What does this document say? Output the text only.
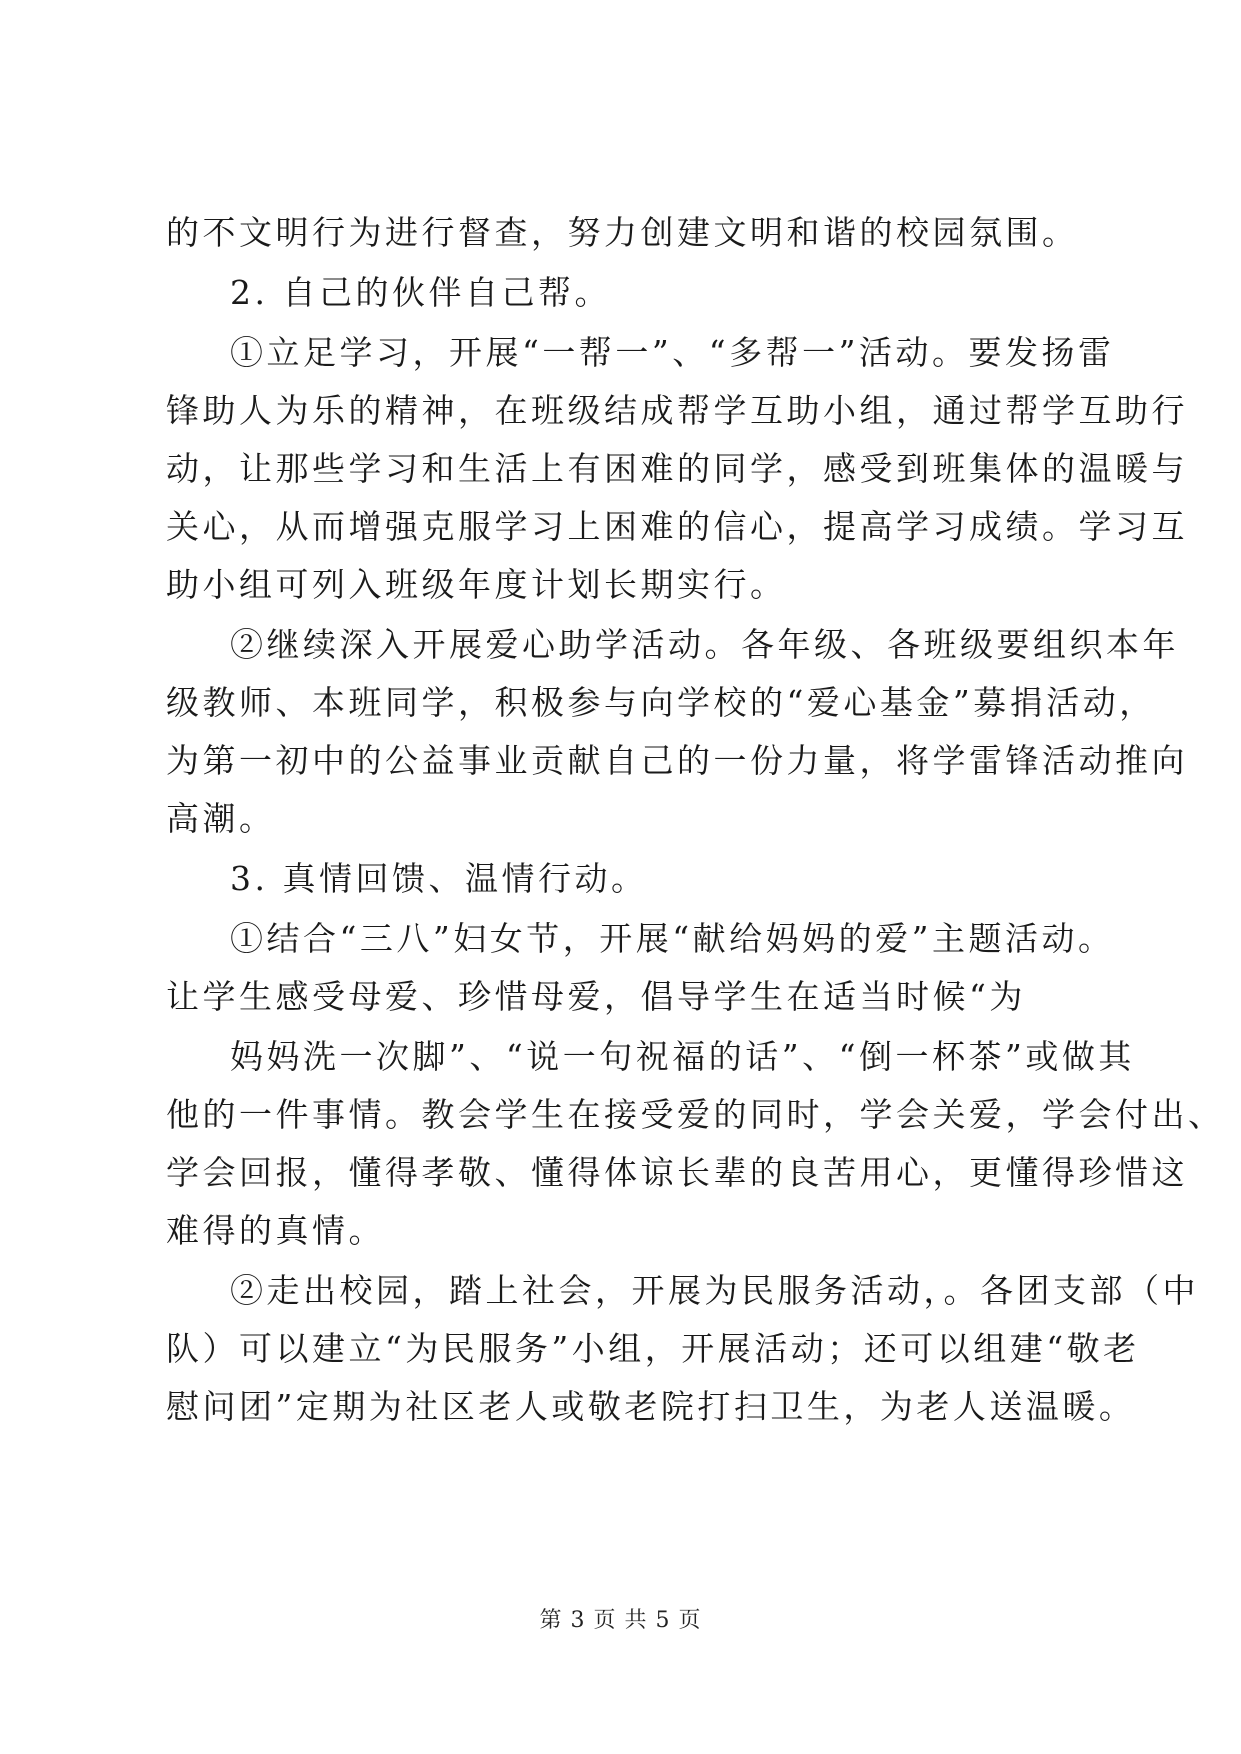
的不文明行为进行督查，努力创建文明和谐的校园氛围。
2. 自己的伙伴自己帮。
①立足学习，开展“一帮一”、“多帮一”活动。要发扬雷
锋助人为乐的精神，在班级结成帮学互助小组，通过帮学互助行
动，让那些学习和生活上有困难的同学，感受到班集体的温暖与
关心，从而增强克服学习上困难的信心，提高学习成绩。学习互
助小组可列入班级年度计划长期实行。
②继续深入开展爱心助学活动。各年级、各班级要组织本年
级教师、本班同学，积极参与向学校的“爱心基金”募捐活动，
为第一初中的公益事业贡献自己的一份力量，将学雷锋活动推向
高潮。
3. 真情回馈、温情行动。
①结合“三八”妇女节，开展“献给妈妈的爱”主题活动。
让学生感受母爱、珍惜母爱，倡导学生在适当时候“为
妈妈洗一次脚”、“说一句祝福的话”、“倒一杯茶”或做其
他的一件事情。教会学生在接受爱的同时，学会关爱，学会付出、
学会回报，懂得孝敬、懂得体谅长辈的良苦用心，更懂得珍惜这
难得的真情。
②走出校园，踏上社会，开展为民服务活动，。各团支部（中
队）可以建立“为民服务”小组，开展活动；还可以组建“敬老
慰问团”定期为社区老人或敬老院打扫卫生，为老人送温暖。
第 3 页 共 5 页
